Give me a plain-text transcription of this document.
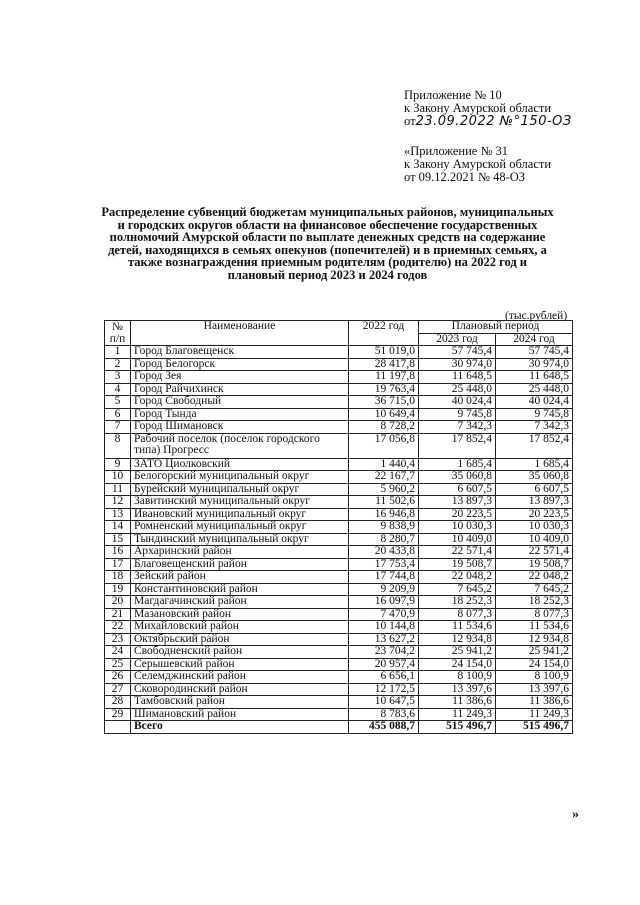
Приложение № 10
к Закону Амурской области
от23.09.2022 №°150-ОЗ
«Приложение № 31
к Закону Амурской области
от 09.12.2021 № 48-ОЗ
Распределение субвенций бюджетам муниципальных районов, муниципальных и городских округов области на финансовое обеспечение государственных полномочий Амурской области по выплате денежных средств на содержание детей, находящихся в семьях опекунов (попечителей) и в приемных семьях, а также вознаграждения приемным родителям (родителю) на 2022 год и плановый период 2023 и 2024 годов
(тыс.рублей)
№ п/п	Наименование	2022 год	Плановый период	
			2023 год	2024 год
1	Город Благовещенск	51 019,0	57 745,4	57 745,4
2	Город Белогорск	28 417,8	30 974,0	30 974,0
3	Город Зея	11 197,8	11 648,5	11 648,5
4	Город Райчихинск	19 763,4	25 448,0	25 448,0
5	Город Свободный	36 715,0	40 024,4	40 024,4
6	Город Тында	10 649,4	9 745,8	9 745,8
7	Город Шимановск	8 728,2	7 342,3	7 342,3
8	Рабочий поселок (поселок городского типа) Прогресс	17 056,8	17 852,4	17 852,4
9	ЗАТО Циолковский	1 440,4	1 685,4	1 685,4
10	Белогорский муниципальный округ	22 167,7	35 060,8	35 060,8
11	Бурейский муниципальный округ	5 960,2	6 607,5	6 607,5
12	Завитинский муниципальный округ	11 502,6	13 897,3	13 897,3
13	Ивановский муниципальный округ	16 946,8	20 223,5	20 223,5
14	Ромненский муниципальный округ	9 838,9	10 030,3	10 030,3
15	Тындинский муниципальный округ	8 280,7	10 409,0	10 409,0
16	Архаринский район	20 433,8	22 571,4	22 571,4
17	Благовещенский район	17 753,4	19 508,7	19 508,7
18	Зейский район	17 744,8	22 048,2	22 048,2
19	Константиновский район	9 209,9	7 645,2	7 645,2
20	Магдагачинский район	16 097,9	18 252,3	18 252,3
21	Мазановский район	7 470,9	8 077,3	8 077,3
22	Михайловский район	10 144,8	11 534,6	11 534,6
23	Октябрьский район	13 627,2	12 934,8	12 934,8
24	Свободненский район	23 704,2	25 941,2	25 941,2
25	Серышевский район	20 957,4	24 154,0	24 154,0
26	Селемджинский район	6 656,1	8 100,9	8 100,9
27	Сковородинский район	12 172,5	13 397,6	13 397,6
28	Тамбовский район	10 647,5	11 386,6	11 386,6
29	Шимановский район	8 783,6	11 249,3	11 249,3
	Всего	455 088,7	515 496,7	515 496,7
»
